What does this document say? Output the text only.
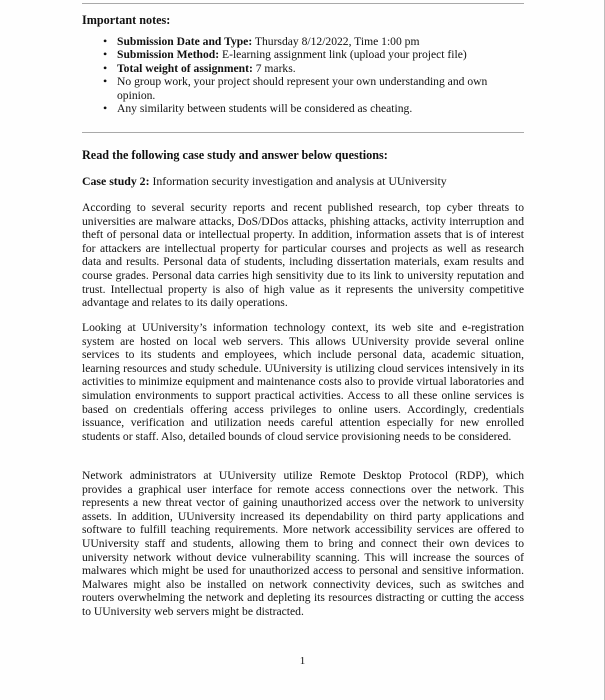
Important notes:
• Submission Date and Type: Thursday 8/12/2022, Time 1:00 pm
• Submission Method: E-learning assignment link (upload your project file)
• Total weight of assignment: 7 marks.
• No group work, your project should represent your own understanding and own opinion.
• Any similarity between students will be considered as cheating.
Read the following case study and answer below questions:
Case study 2: Information security investigation and analysis at UUniversity

According to several security reports and recent published research, top cyber threats to universities are malware attacks, DoS/DDos attacks, phishing attacks, activity interruption and theft of personal data or intellectual property. In addition, information assets that is of interest for attackers are intellectual property for particular courses and projects as well as research data and results. Personal data of students, including dissertation materials, exam results and course grades. Personal data carries high sensitivity due to its link to university reputation and trust. Intellectual property is also of high value as it represents the university competitive advantage and relates to its daily operations.

Looking at UUniversity’s information technology context, its web site and e-registration system are hosted on local web servers. This allows UUniversity provide several online services to its students and employees, which include personal data, academic situation, learning resources and study schedule. UUniversity is utilizing cloud services intensively in its activities to minimize equipment and maintenance costs also to provide virtual laboratories and simulation environments to support practical activities. Access to all these online services is based on credentials offering access privileges to online users. Accordingly, credentials issuance, verification and utilization needs careful attention especially for new enrolled students or staff. Also, detailed bounds of cloud service provisioning needs to be considered.

Network administrators at UUniversity utilize Remote Desktop Protocol (RDP), which provides a graphical user interface for remote access connections over the network. This represents a new threat vector of gaining unauthorized access over the network to university assets. In addition, UUniversity increased its dependability on third party applications and software to fulfill teaching requirements. More network accessibility services are offered to UUniversity staff and students, allowing them to bring and connect their own devices to university network without device vulnerability scanning. This will increase the sources of malwares which might be used for unauthorized access to personal and sensitive information. Malwares might also be installed on network connectivity devices, such as switches and routers overwhelming the network and depleting its resources distracting or cutting the access to UUniversity web servers might be distracted.

1
